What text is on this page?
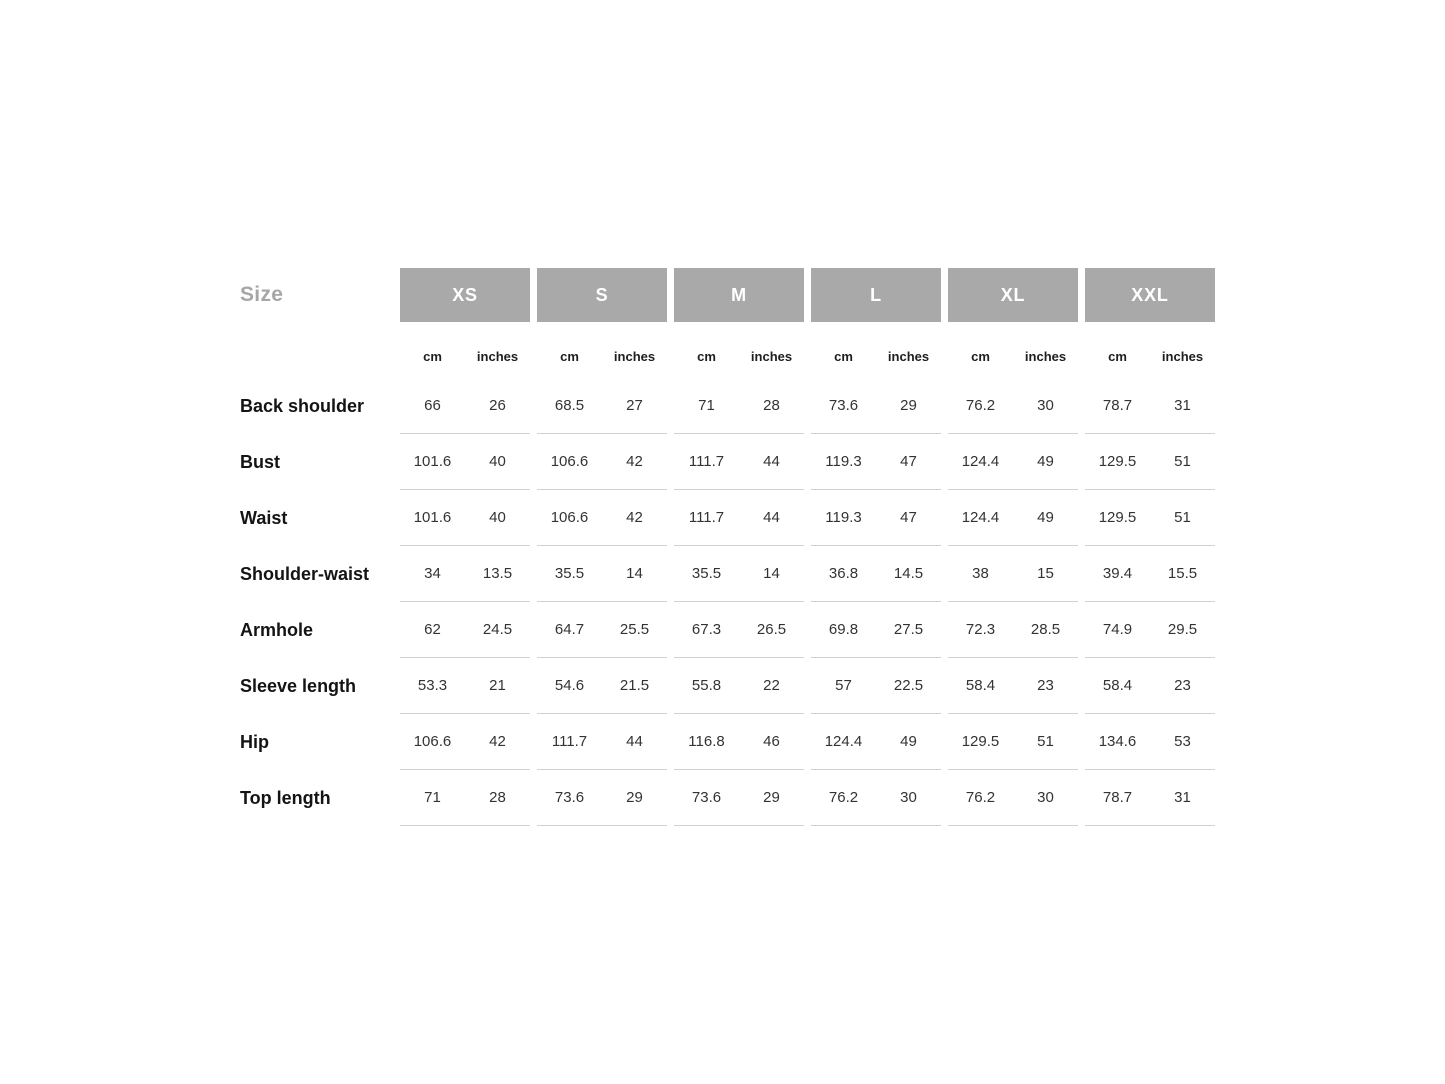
Size	XS	S	M	L	XL	XXL
cm	inches	cm	inches	cm	inches	cm	inches	cm	inches	cm	inches
Back shoulder	66	26	68.5	27	71	28	73.6	29	76.2	30	78.7	31
Bust	101.6	40	106.6	42	111.7	44	119.3	47	124.4	49	129.5	51
Waist	101.6	40	106.6	42	111.7	44	119.3	47	124.4	49	129.5	51
Shoulder-waist	34	13.5	35.5	14	35.5	14	36.8	14.5	38	15	39.4	15.5
Armhole	62	24.5	64.7	25.5	67.3	26.5	69.8	27.5	72.3	28.5	74.9	29.5
Sleeve length	53.3	21	54.6	21.5	55.8	22	57	22.5	58.4	23	58.4	23
Hip	106.6	42	111.7	44	116.8	46	124.4	49	129.5	51	134.6	53
Top length	71	28	73.6	29	73.6	29	76.2	30	76.2	30	78.7	31
